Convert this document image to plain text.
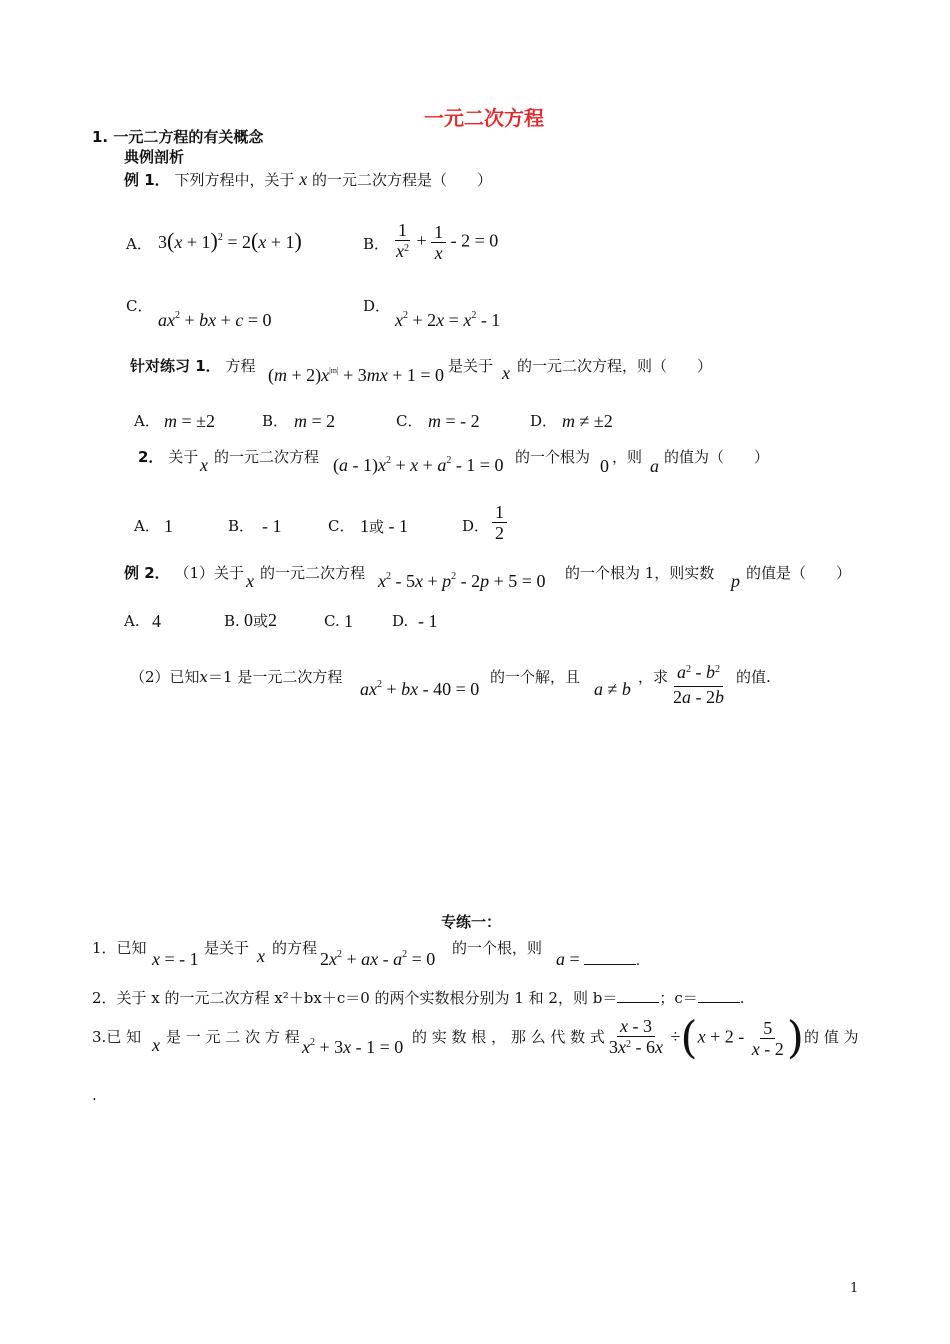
一元二次方程
1. 一元二方程的有关概念
典例剖析
例 1． 下列方程中，关于 x 的一元二次方程是（　　）
A． $3(x + 1)^2 = 2(x + 1)$	B． $\frac{1}{x^2} + \frac{1}{x} - 2 = 0$
C．
$ax^2$ + bx + c = 0
D．
$x^2 + 2x = x^2 - 1$
针对练习 1． 方程 $(m + 2)x^{|m|} + 3mx + 1 = 0$ 是关于 x 的一元二次方程，则（　　）
A． m = ±2	B． m = 2	C． m = - 2	D． m ≠ ±2
2． 关于 x 的一元二次方程 $(a - 1)x^2 + x + a^2 - 1 = 0$ 的一个根为 0 ，则 a 的值为（　　）
A． 1	B． - 1	C． 1或 - 1	D． $\frac{1}{2}$
例 2． （1）关于 x 的一元二次方程 $x^2 - 5x + p^2 - 2p + 5 = 0$ 的一个根为 1，则实数 p 的值是（　　）
A. 4	B. 0或2	C. 1	D. - 1
（2）已知x＝1 是一元二次方程
$ax^2$ + bx - 40 = 0
的一个解，且
a ≠ b
，求 $\frac{a^2 - b^2}{2a - 2b}$ 的值.
专练一：
1．已知
x = - 1
是关于 x 的方程
$2x^2$ + ax - $a^2 = 0$
的一个根，则
a =	.
2．关于 x 的一元二次方程 x²＋bx＋c＝0 的两个实数根分别为 1 和 2，则 b＝	；c＝	.
3.已 知 x 是 一 元 二 次 方 程 $x^2 + 3x - 1 = 0$ 的 实 数 根 ， 那 么 代 数 式 $\frac{x - 3}{3x^2 - 6x} \div(x + 2 - \frac{5}{x - 2}$ ) 的 值 为
.
1
